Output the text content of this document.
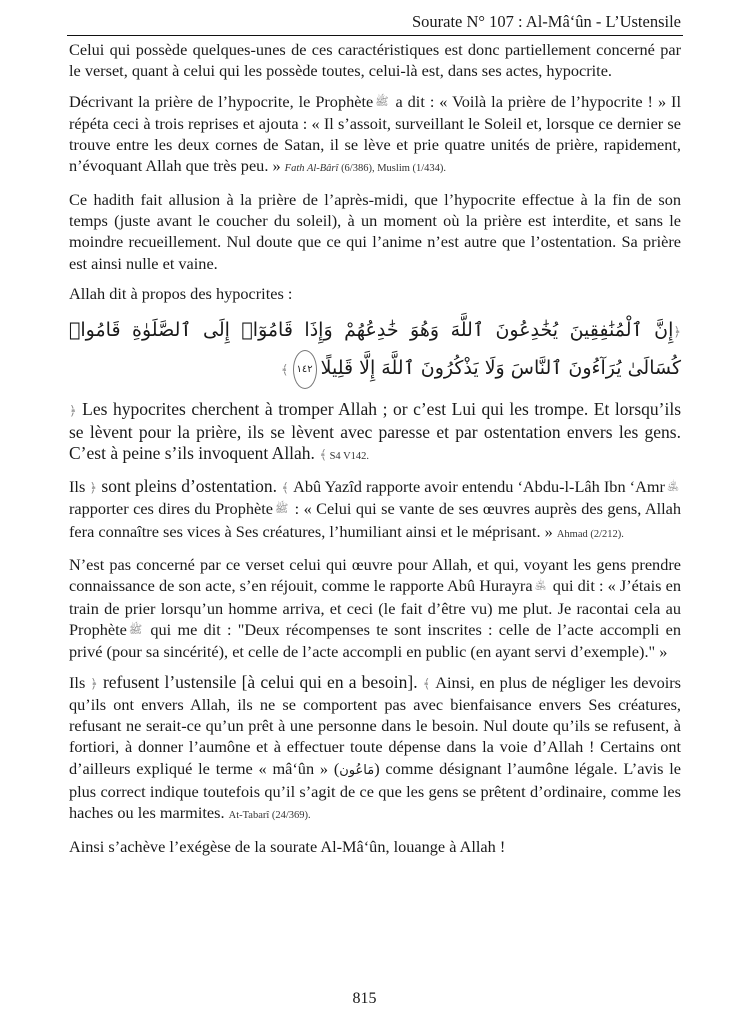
Sourate N° 107 : Al-Mâ‘ûn - L’Ustensile

Celui qui possède quelques-unes de ces caractéristiques est donc partiellement concerné par le verset, quant à celui qui les possède toutes, celui-là est, dans ses actes, hypocrite.

Décrivant la prière de l’hypocrite, le Prophète ﷺ a dit : « Voilà la prière de l’hypocrite ! » Il répéta ceci à trois reprises et ajouta : « Il s’assoit, surveillant le Soleil et, lorsque ce dernier se trouve entre les deux cornes de Satan, il se lève et prie quatre unités de prière, rapidement, n’évoquant Allah que très peu. » Fath Al-Bârî (6/386), Muslim (1/434).

Ce hadith fait allusion à la prière de l’après-midi, que l’hypocrite effectue à la fin de son temps (juste avant le coucher du soleil), à un moment où la prière est interdite, et sans le moindre recueillement. Nul doute que ce qui l’anime n’est autre que l’ostentation. Sa prière est ainsi nulle et vaine.

Allah dit à propos des hypocrites :

﴿إِنَّ ٱلْمُنَٰفِقِينَ يُخَٰدِعُونَ ٱللَّهَ وَهُوَ خَٰدِعُهُمْ وَإِذَا قَامُوٓا۟ إِلَى ٱلصَّلَوٰةِ قَامُوا۟ كُسَالَىٰ يُرَآءُونَ ٱلنَّاسَ وَلَا يَذْكُرُونَ ٱللَّهَ إِلَّا قَلِيلًا١٤٢﴾

﴿ Les hypocrites cherchent à tromper Allah ; or c’est Lui qui les trompe. Et lorsqu’ils se lèvent pour la prière, ils se lèvent avec paresse et par ostentation envers les gens. C’est à peine s’ils invoquent Allah. ﴾ S4 V142.

Ils ﴿ sont pleins d’ostentation. ﴾ Abû Yazîd rapporte avoir entendu ‘Abdu-l-Lâh Ibn ‘Amr ﵁ rapporter ces dires du Prophète ﷺ : « Celui qui se vante de ses œuvres auprès des gens, Allah fera connaître ses vices à Ses créatures, l’humiliant ainsi et le méprisant. » Ahmad (2/212).

N’est pas concerné par ce verset celui qui œuvre pour Allah, et qui, voyant les gens prendre connaissance de son acte, s’en réjouit, comme le rapporte Abû Hurayra ﵁ qui dit : « J’étais en train de prier lorsqu’un homme arriva, et ceci (le fait d’être vu) me plut. Je racontai cela au Prophète ﷺ qui me dit : "Deux récompenses te sont inscrites : celle de l’acte accompli en privé (pour sa sincérité), et celle de l’acte accompli en public (en ayant servi d’exemple)." »

Ils ﴿ refusent l’ustensile [à celui qui en a besoin]. ﴾ Ainsi, en plus de négliger les devoirs qu’ils ont envers Allah, ils ne se comportent pas avec bienfaisance envers Ses créatures, refusant ne serait-ce qu’un prêt à une personne dans le besoin. Nul doute qu’ils se refusent, à fortiori, à donner l’aumône et à effectuer toute dépense dans la voie d’Allah ! Certains ont d’ailleurs expliqué le terme « mâ‘ûn » (مَاعُون) comme désignant l’aumône légale. L’avis le plus correct indique toutefois qu’il s’agit de ce que les gens se prêtent d’ordinaire, comme les haches ou les marmites. At-Tabarî (24/369).

Ainsi s’achève l’exégèse de la sourate Al-Mâ‘ûn, louange à Allah !

815
